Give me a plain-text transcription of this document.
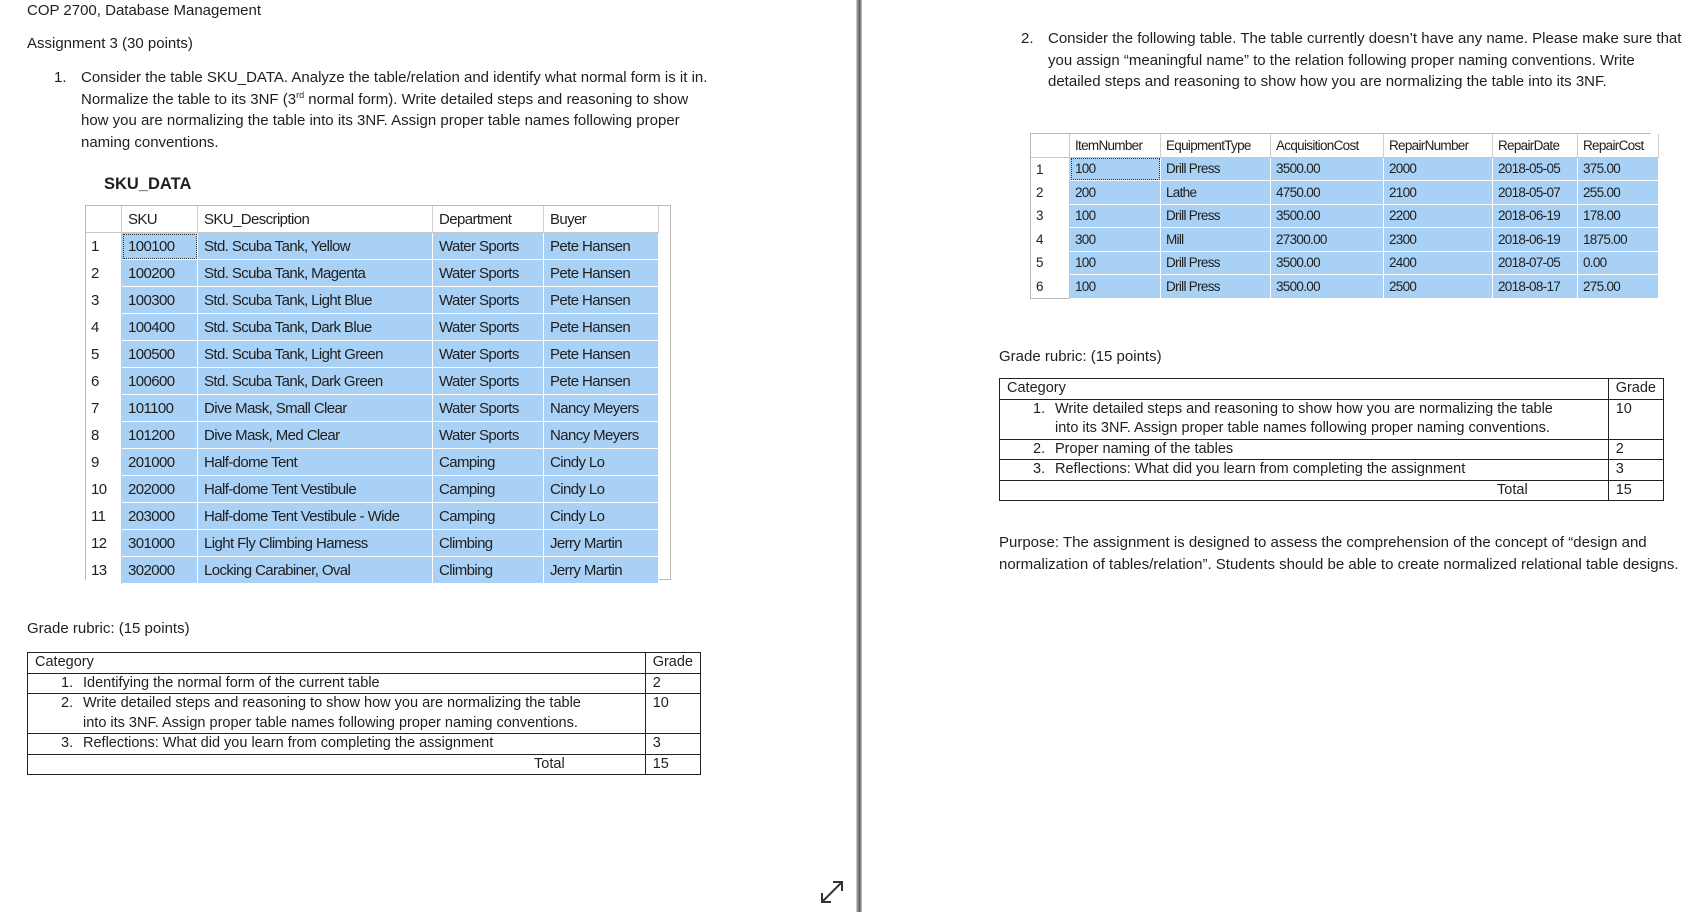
COP 2700, Database Management
Assignment 3 (30 points)
1. Consider the table SKU_DATA. Analyze the table/relation and identify what normal form is it in.
Normalize the table to its 3NF (3rd normal form). Write detailed steps and reasoning to show
how you are normalizing the table into its 3NF. Assign proper table names following proper
naming conventions.
SKU_DATA
	SKU	SKU_Description	Department	Buyer
1	100100	Std. Scuba Tank, Yellow	Water Sports	Pete Hansen
2	100200	Std. Scuba Tank, Magenta	Water Sports	Pete Hansen
3	100300	Std. Scuba Tank, Light Blue	Water Sports	Pete Hansen
4	100400	Std. Scuba Tank, Dark Blue	Water Sports	Pete Hansen
5	100500	Std. Scuba Tank, Light Green	Water Sports	Pete Hansen
6	100600	Std. Scuba Tank, Dark Green	Water Sports	Pete Hansen
7	101100	Dive Mask, Small Clear	Water Sports	Nancy Meyers
8	101200	Dive Mask, Med Clear	Water Sports	Nancy Meyers
9	201000	Half-dome Tent	Camping	Cindy Lo
10	202000	Half-dome Tent Vestibule	Camping	Cindy Lo
11	203000	Half-dome Tent Vestibule - Wide	Camping	Cindy Lo
12	301000	Light Fly Climbing Harness	Climbing	Jerry Martin
13	302000	Locking Carabiner, Oval	Climbing	Jerry Martin
Grade rubric: (15 points)
Category	Grade

1. Identifying the normal form of the current table	2

2. Write detailed steps and reasoning to show how you are normalizing the table
into its 3NF. Assign proper table names following proper naming conventions.	10

3. Reflections: What did you learn from completing the assignment	3
Total	15
2. Consider the following table. The table currently doesn’t have any name. Please make sure that
you assign “meaningful name” to the relation following proper naming conventions. Write
detailed steps and reasoning to show how you are normalizing the table into its 3NF.
	ItemNumber	EquipmentType	AcquisitionCost	RepairNumber	RepairDate	RepairCost
1	100	Drill Press	3500.00	2000	2018-05-05	375.00
2	200	Lathe	4750.00	2100	2018-05-07	255.00
3	100	Drill Press	3500.00	2200	2018-06-19	178.00
4	300	Mill	27300.00	2300	2018-06-19	1875.00
5	100	Drill Press	3500.00	2400	2018-07-05	0.00
6	100	Drill Press	3500.00	2500	2018-08-17	275.00
Grade rubric: (15 points)
Category	Grade

1. Write detailed steps and reasoning to show how you are normalizing the table
into its 3NF. Assign proper table names following proper naming conventions.	10

2. Proper naming of the tables	2

3. Reflections: What did you learn from completing the assignment	3
Total	15
Purpose: The assignment is designed to assess the comprehension of the concept of “design and
normalization of tables/relation”. Students should be able to create normalized relational table designs.
